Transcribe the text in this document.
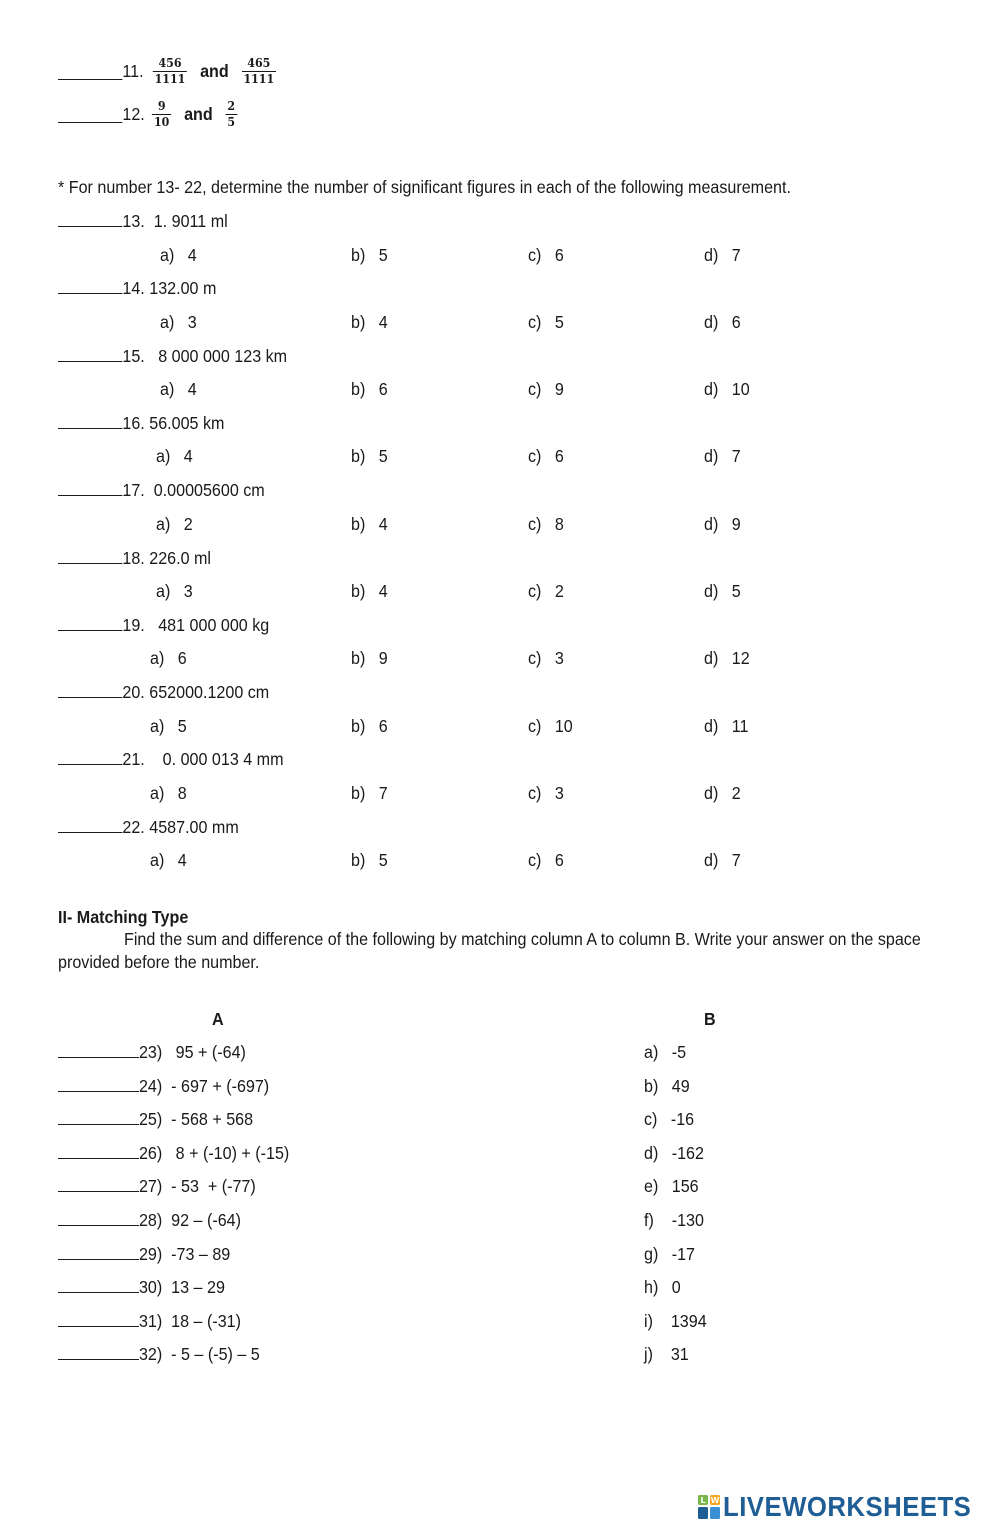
11. $\frac{456}{1111}$ and $\frac{465}{1111}$
12. $\frac{9}{10}$ and $\frac{2}{5}$
* For number 13- 22, determine the number of significant figures in each of the following measurement.
13.  1. 9011 ml
a)   4	b)   5	c)   6	d)   7
14. 132.00 m
a)   3	b)   4	c)   5	d)   6
15.   8 000 000 123 km
a)   4	b)   6	c)   9	d)   10
16. 56.005 km
a)   4	b)   5	c)   6	d)   7
17.  0.00005600 cm
a)   2	b)   4	c)   8	d)   9
18. 226.0 ml
a)   3	b)   4	c)   2	d)   5
19.   481 000 000 kg
a)   6	b)   9	c)   3	d)   12
20. 652000.1200 cm
a)   5	b)   6	c)   10	d)   11
21.    0. 000 013 4 mm
a)   8	b)   7	c)   3	d)   2
22. 4587.00 mm
a)   4	b)   5	c)   6	d)   7
II- Matching Type
Find the sum and difference of the following by matching column A to column B. Write your answer on the space
provided before the number.
A	B
23)   95 + (-64)	a)   -5
24)  - 697 + (-697)	b)   49
25)  - 568 + 568	c)   -16
26)   8 + (-10) + (-15)	d)   -162
27)  - 53  + (-77)	e)   156
28)  92 – (-64)	f)    -130
29)  -73 – 89	g)   -17
30)  13 – 29	h)   0
31)  18 – (-31)	i)    1394
32)  - 5 – (-5) – 5	j)    31
L W LIVEWORKSHEETS
